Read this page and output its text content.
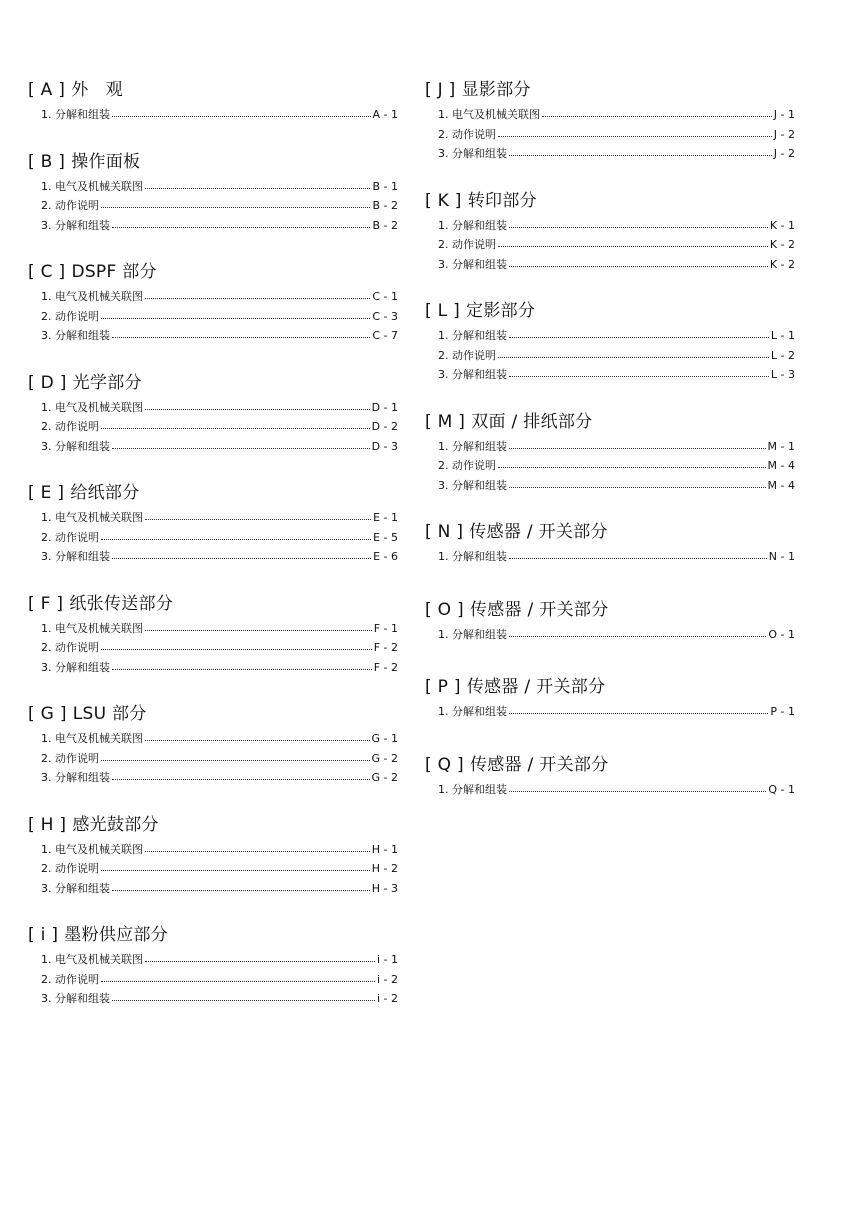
[ A ] 外　观
1. 分解和组装	A - 1
[ B ] 操作面板
1. 电气及机械关联图	B - 1
2. 动作说明	B - 2
3. 分解和组装	B - 2
[ C ] DSPF 部分
1. 电气及机械关联图	C - 1
2. 动作说明	C - 3
3. 分解和组装	C - 7
[ D ] 光学部分
1. 电气及机械关联图	D - 1
2. 动作说明	D - 2
3. 分解和组装	D - 3
[ E ] 给纸部分
1. 电气及机械关联图	E - 1
2. 动作说明	E - 5
3. 分解和组装	E - 6
[ F ] 纸张传送部分
1. 电气及机械关联图	F - 1
2. 动作说明	F - 2
3. 分解和组装	F - 2
[ G ] LSU 部分
1. 电气及机械关联图	G - 1
2. 动作说明	G - 2
3. 分解和组装	G - 2
[ H ] 感光鼓部分
1. 电气及机械关联图	H - 1
2. 动作说明	H - 2
3. 分解和组装	H - 3
[ i ] 墨粉供应部分
1. 电气及机械关联图	i - 1
2. 动作说明	i - 2
3. 分解和组装	i - 2
[ J ] 显影部分
1. 电气及机械关联图	J - 1
2. 动作说明	J - 2
3. 分解和组装	J - 2
[ K ] 转印部分
1. 分解和组装	K - 1
2. 动作说明	K - 2
3. 分解和组装	K - 2
[ L ] 定影部分
1. 分解和组装	L - 1
2. 动作说明	L - 2
3. 分解和组装	L - 3
[ M ] 双面 / 排纸部分
1. 分解和组装	M - 1
2. 动作说明	M - 4
3. 分解和组装	M - 4
[ N ] 传感器 / 开关部分
1. 分解和组装	N - 1
[ O ] 传感器 / 开关部分
1. 分解和组装	O - 1
[ P ] 传感器 / 开关部分
1. 分解和组装	P - 1
[ Q ] 传感器 / 开关部分
1. 分解和组装	Q - 1
